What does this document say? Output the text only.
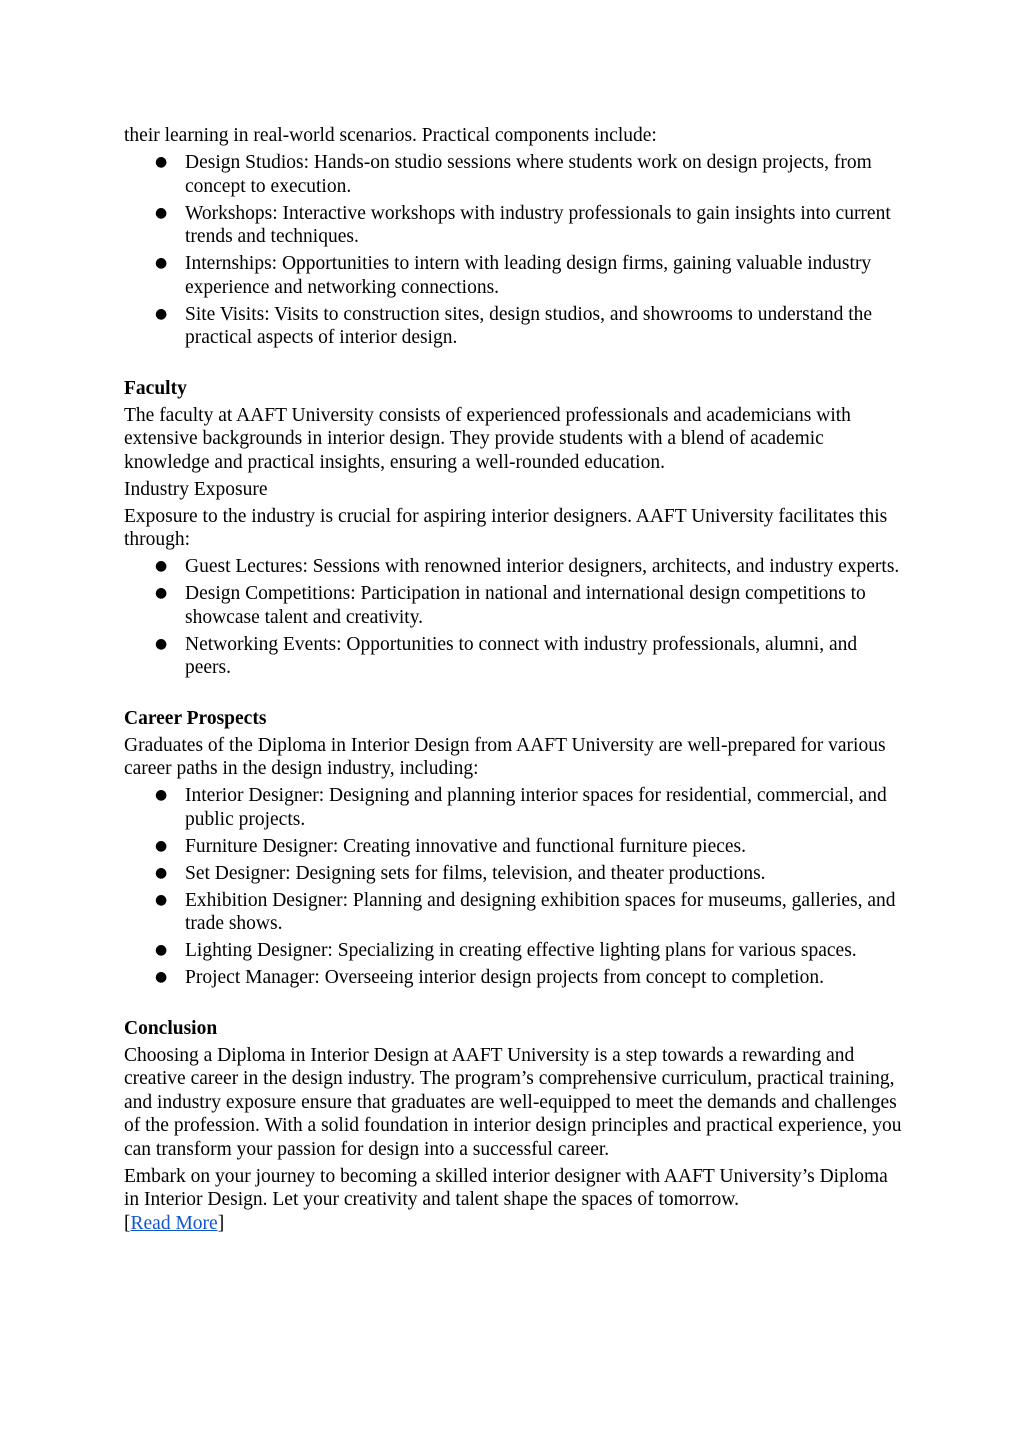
their learning in real-world scenarios. Practical components include:

● Design Studios: Hands-on studio sessions where students work on design projects, from concept to execution.
● Workshops: Interactive workshops with industry professionals to gain insights into current trends and techniques.
● Internships: Opportunities to intern with leading design firms, gaining valuable industry experience and networking connections.
● Site Visits: Visits to construction sites, design studios, and showrooms to understand the practical aspects of interior design.
Faculty

The faculty at AAFT University consists of experienced professionals and academicians with extensive backgrounds in interior design. They provide students with a blend of academic knowledge and practical insights, ensuring a well-rounded education.

Industry Exposure

Exposure to the industry is crucial for aspiring interior designers. AAFT University facilitates this through:

● Guest Lectures: Sessions with renowned interior designers, architects, and industry experts.
● Design Competitions: Participation in national and international design competitions to showcase talent and creativity.
● Networking Events: Opportunities to connect with industry professionals, alumni, and peers.
Career Prospects

Graduates of the Diploma in Interior Design from AAFT University are well-prepared for various career paths in the design industry, including:

● Interior Designer: Designing and planning interior spaces for residential, commercial, and public projects.
● Furniture Designer: Creating innovative and functional furniture pieces.
● Set Designer: Designing sets for films, television, and theater productions.
● Exhibition Designer: Planning and designing exhibition spaces for museums, galleries, and trade shows.
● Lighting Designer: Specializing in creating effective lighting plans for various spaces.
● Project Manager: Overseeing interior design projects from concept to completion.
Conclusion

Choosing a Diploma in Interior Design at AAFT University is a step towards a rewarding and creative career in the design industry. The program’s comprehensive curriculum, practical training, and industry exposure ensure that graduates are well-equipped to meet the demands and challenges of the profession. With a solid foundation in interior design principles and practical experience, you can transform your passion for design into a successful career.

Embark on your journey to becoming a skilled interior designer with AAFT University’s Diploma in Interior Design. Let your creativity and talent shape the spaces of tomorrow.
[Read More]
